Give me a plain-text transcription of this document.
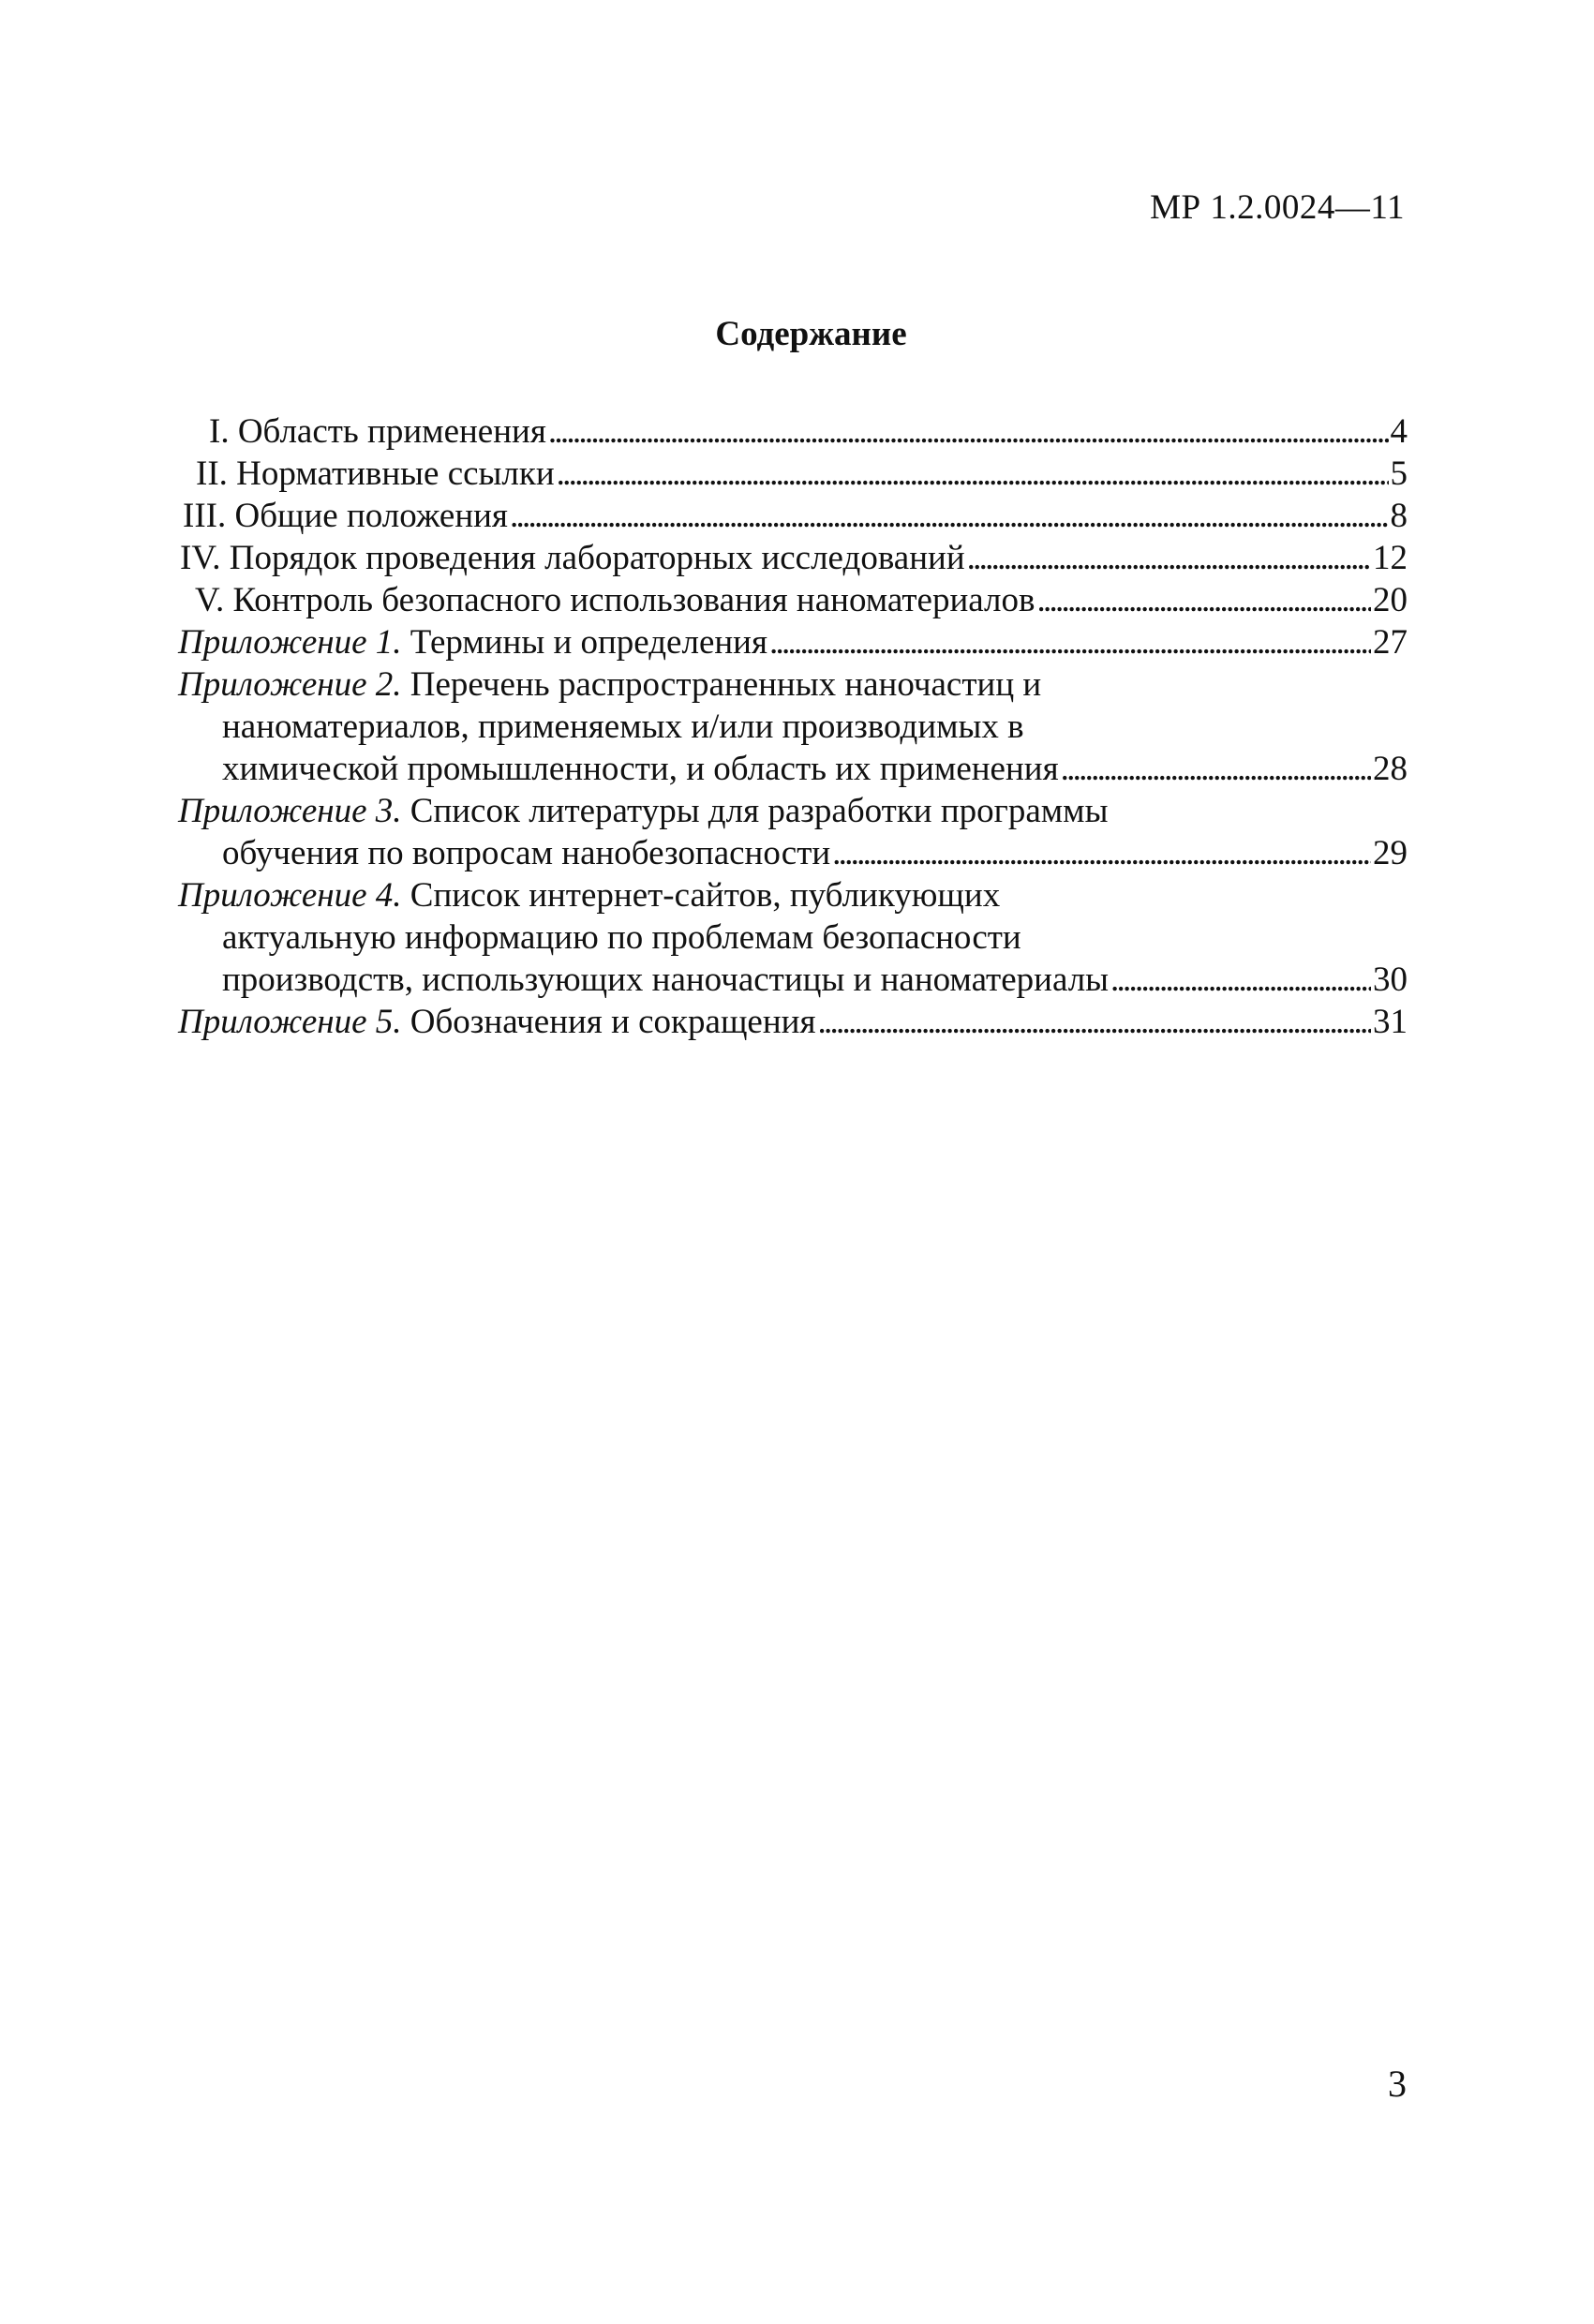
МР 1.2.0024—11
Содержание
I. Область применения . . .	4
II. Нормативные ссылки . . .	5
III. Общие положения . . .	8
IV. Порядок проведения лабораторных исследований . . .	12
V. Контроль безопасного использования наноматериалов . . .	20
Приложение 1. Термины и определения . . .	27
Приложение 2. Перечень распространенных наночастиц и
наноматериалов, применяемых и/или производимых в
химической промышленности, и область их применения . . .	28
Приложение 3. Список литературы для разработки программы
обучения по вопросам нанобезопасности . . .	29
Приложение 4. Список интернет-сайтов, публикующих
актуальную информацию по проблемам безопасности
производств, использующих наночастицы и наноматериалы . . .	30
Приложение 5. Обозначения и сокращения . . .	31
3
